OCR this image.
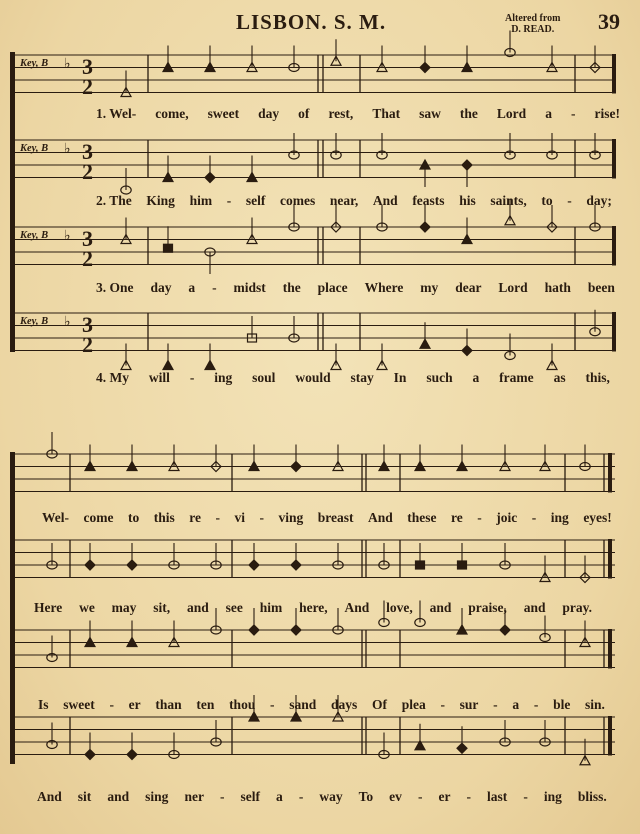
LISBON. S. M.	Altered from
D. READ. 39
Key, B ♭ 3
2
Key, B ♭ 3
2
Key, B ♭ 3
2
Key, B ♭ 3
2
1. Wel- come, sweet day of rest, That saw the Lord a - rise!
2. The King him - self comes near, And feasts his saints, to - day;
3. One day a - midst the place Where my dear Lord hath been
4. My will - ing soul would stay In such a frame as this,
Wel- come to this re - vi - ving breast And these re - joic - ing eyes!
Here we may sit, and see him here, And love, and praise, and pray.
Is sweet - er than ten thou - sand days Of plea - sur - a - ble sin.
And sit and sing ner - self a - way To ev - er - last - ing bliss.
